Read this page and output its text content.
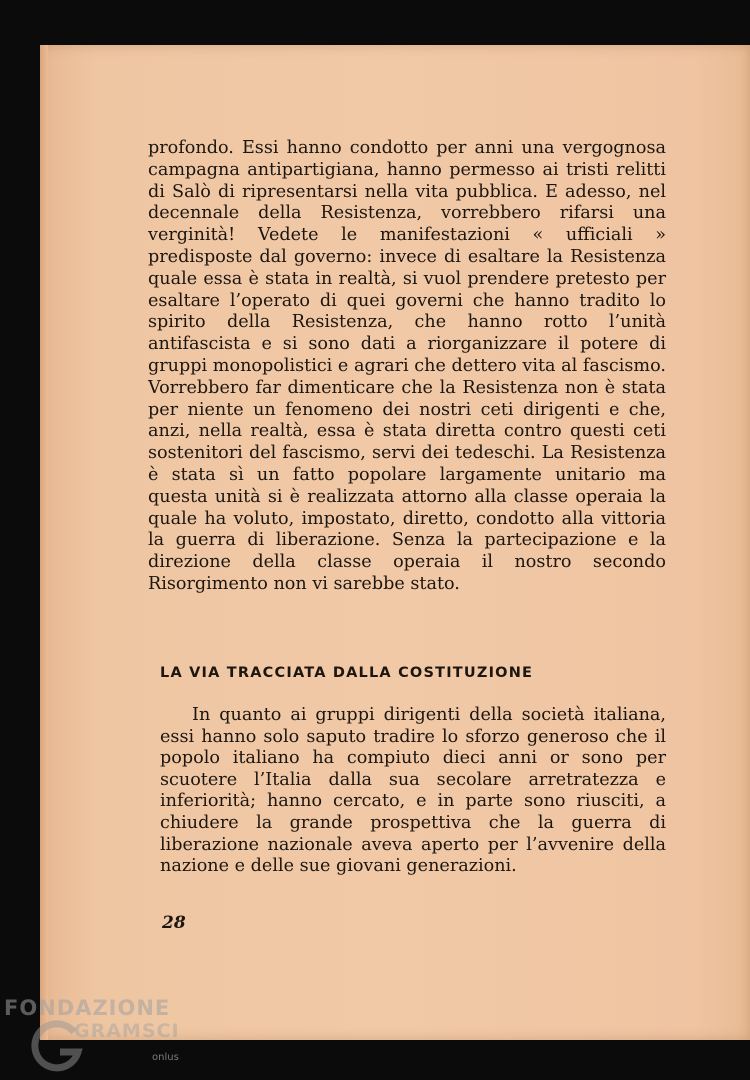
profondo. Essi hanno condotto per anni una vergognosa campagna antipartigiana, hanno permesso ai tristi relitti di Salò di ripresentarsi nella vita pubblica. E adesso, nel decennale della Resistenza, vorrebbero rifarsi una verginità! Vedete le manifestazioni « ufficiali » predisposte dal governo: invece di esaltare la Resistenza quale essa è stata in realtà, si vuol prendere pretesto per esaltare l’operato di quei governi che hanno tradito lo spirito della Resistenza, che hanno rotto l’unità antifascista e si sono dati a riorganizzare il potere di gruppi monopolistici e agrari che dettero vita al fascismo. Vorrebbero far dimenticare che la Resistenza non è stata per niente un fenomeno dei nostri ceti dirigenti e che, anzi, nella realtà, essa è stata diretta contro questi ceti sostenitori del fascismo, servi dei tedeschi. La Resistenza è stata sì un fatto popolare largamente unitario ma questa unità si è realizzata attorno alla classe operaia la quale ha voluto, impostato, diretto, condotto alla vittoria la guerra di liberazione. Senza la partecipazione e la direzione della classe operaia il nostro secondo Risorgimento non vi sarebbe stato.

LA VIA TRACCIATA DALLA COSTITUZIONE

In quanto ai gruppi dirigenti della società italiana, essi hanno solo saputo tradire lo sforzo generoso che il popolo italiano ha compiuto dieci anni or sono per scuotere l’Italia dalla sua secolare arretratezza e inferiorità; hanno cercato, e in parte sono riusciti, a chiudere la grande prospettiva che la guerra di liberazione nazionale aveva aperto per l’avvenire della nazione e delle sue giovani generazioni.

28
FONDAZIONE
GRAMSCI
onlus
